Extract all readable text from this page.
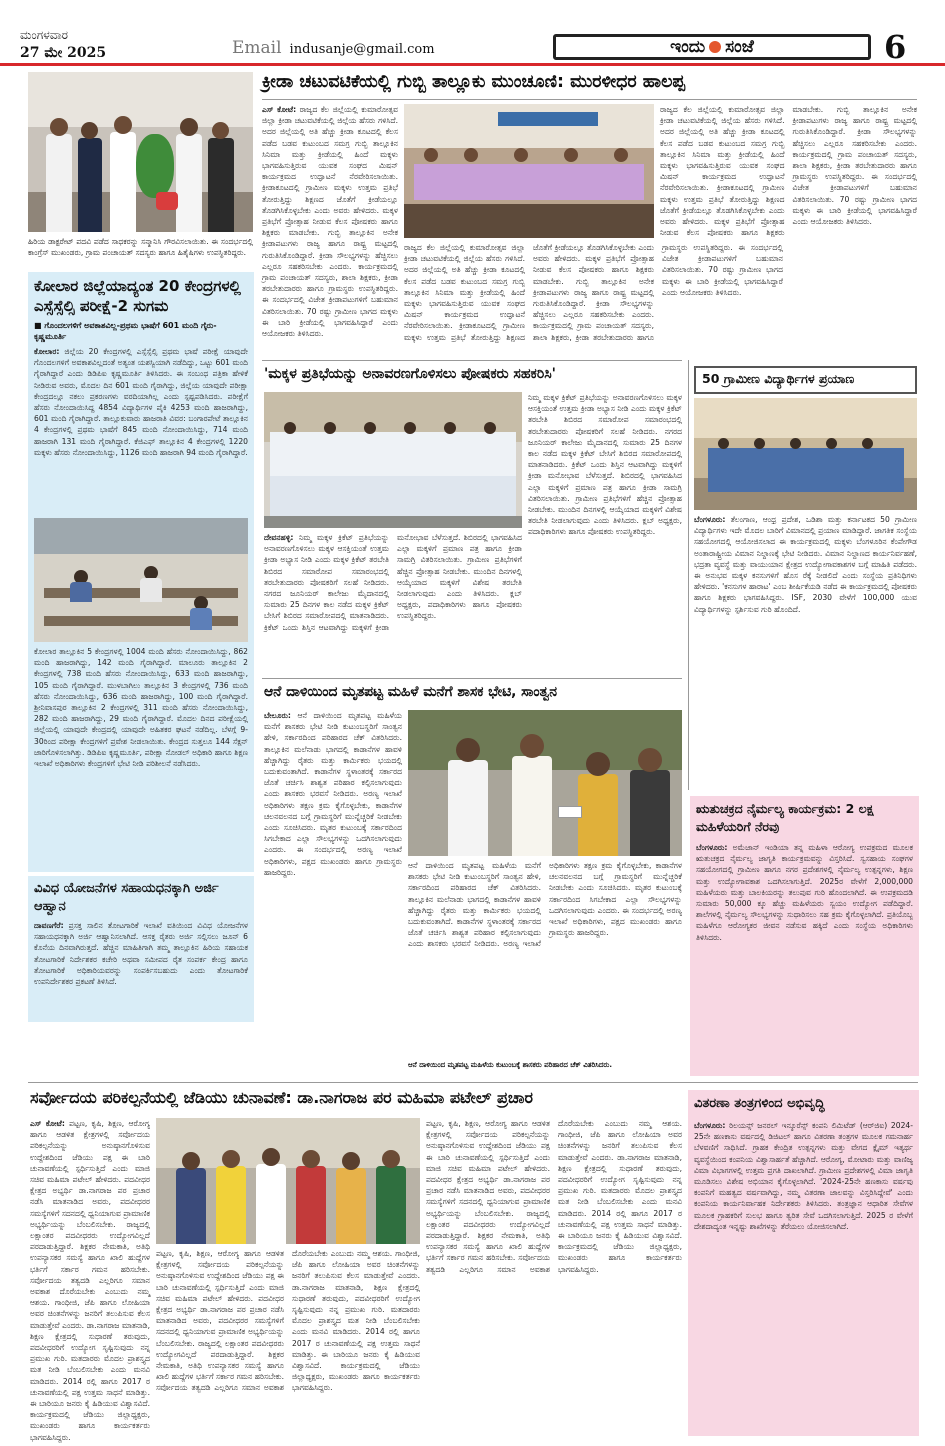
ಮಂಗಳವಾರ
27 ಮೇ 2025	Email indusanje@gmail.com	ಇಂದು ಸಂಜೆ	6
ಹಿರಿಯ ಡಾಕ್ಟರೇಟ್ ಪದವಿ ಪಡೆದ ಸಾಧಕರನ್ನು ಸನ್ಮಾನಿಸಿ ಗೌರವಿಸಲಾಯಿತು. ಈ ಸಂದರ್ಭದಲ್ಲಿ ಕಾಂಗ್ರೆಸ್ ಮುಖಂಡರು, ಗ್ರಾಮ ಪಂಚಾಯತ್ ಸದಸ್ಯರು ಹಾಗೂ ಹಿತೈಷಿಗಳು ಉಪಸ್ಥಿತರಿದ್ದರು.
ಕ್ರೀಡಾ ಚಟುವಟಿಕೆಯಲ್ಲಿ ಗುಬ್ಬಿ ತಾಲ್ಲೂಕು ಮುಂಚೂಣಿ: ಮುರಳೀಧರ ಹಾಲಪ್ಪ
ಎಸ್ ಕೋಟೆ: ರಾಜ್ಯದ ಕೆಲ ಜಿಲ್ಲೆಯಲ್ಲಿ ಕುಮಾರೋತ್ಸವ ಜಿಲ್ಲಾ ಕ್ರೀಡಾ ಚಟುವಟಿಕೆಯಲ್ಲಿ ಜಿಲ್ಲೆಯ ಹೆಸರು ಗಳಿಸಿದೆ. ಅದರ ಜಿಲ್ಲೆಯಲ್ಲಿ ಅತಿ ಹೆಚ್ಚು ಕ್ರೀಡಾ ಕೂಟದಲ್ಲಿ ಕೆಲಸ ಪಡೆದ ಬಡವ ಕುಟುಂಬದ ಸಮಗ್ರ ಗುಬ್ಬಿ ತಾಲ್ಲೂಕಿನ ಸಿನಿಮಾ ಮತ್ತು ಕ್ರೀಡೆಯಲ್ಲಿ ಹಿಂದೆ ಮಕ್ಕಳು ಭಾಗವಹಿಸುತ್ತಿರುವ ಯುವಕ ಸಂಘದ ಮಿಷನ್ ಕಾರ್ಯಕ್ರಮದ ಉದ್ಘಾಟನೆ ನೆರವೇರಿಸಲಾಯಿತು. ಕ್ರೀಡಾಕೂಟದಲ್ಲಿ ಗ್ರಾಮೀಣ ಮಕ್ಕಳು ಉತ್ತಮ ಪ್ರತಿಭೆ ತೋರುತ್ತಿದ್ದು ಶಿಕ್ಷಣದ ಜೊತೆಗೆ ಕ್ರೀಡೆಯಲ್ಲೂ ತೊಡಗಿಸಿಕೊಳ್ಳಬೇಕು ಎಂದು ಅವರು ಹೇಳಿದರು. ಮಕ್ಕಳ ಪ್ರತಿಭೆಗೆ ಪ್ರೋತ್ಸಾಹ ನೀಡುವ ಕೆಲಸ ಪೋಷಕರು ಹಾಗೂ ಶಿಕ್ಷಕರು ಮಾಡಬೇಕು. ಗುಬ್ಬಿ ತಾಲ್ಲೂಕಿನ ಅನೇಕ ಕ್ರೀಡಾಪಟುಗಳು ರಾಜ್ಯ ಹಾಗೂ ರಾಷ್ಟ್ರ ಮಟ್ಟದಲ್ಲಿ ಗುರುತಿಸಿಕೊಂಡಿದ್ದಾರೆ. ಕ್ರೀಡಾ ಸೌಲಭ್ಯಗಳನ್ನು ಹೆಚ್ಚಿಸಲು ಎಲ್ಲರೂ ಸಹಕರಿಸಬೇಕು ಎಂದರು. ಕಾರ್ಯಕ್ರಮದಲ್ಲಿ ಗ್ರಾಮ ಪಂಚಾಯತ್ ಸದಸ್ಯರು, ಶಾಲಾ ಶಿಕ್ಷಕರು, ಕ್ರೀಡಾ ತರಬೇತುದಾರರು ಹಾಗೂ ಗ್ರಾಮಸ್ಥರು ಉಪಸ್ಥಿತರಿದ್ದರು. ಈ ಸಂದರ್ಭದಲ್ಲಿ ವಿಜೇತ ಕ್ರೀಡಾಪಟುಗಳಿಗೆ ಬಹುಮಾನ ವಿತರಿಸಲಾಯಿತು. 70 ರಷ್ಟು ಗ್ರಾಮೀಣ ಭಾಗದ ಮಕ್ಕಳು ಈ ಬಾರಿ ಕ್ರೀಡೆಯಲ್ಲಿ ಭಾಗವಹಿಸಿದ್ದಾರೆ ಎಂದು ಆಯೋಜಕರು ತಿಳಿಸಿದರು.
ರಾಜ್ಯದ ಕೆಲ ಜಿಲ್ಲೆಯಲ್ಲಿ ಕುಮಾರೋತ್ಸವ ಜಿಲ್ಲಾ ಕ್ರೀಡಾ ಚಟುವಟಿಕೆಯಲ್ಲಿ ಜಿಲ್ಲೆಯ ಹೆಸರು ಗಳಿಸಿದೆ. ಅದರ ಜಿಲ್ಲೆಯಲ್ಲಿ ಅತಿ ಹೆಚ್ಚು ಕ್ರೀಡಾ ಕೂಟದಲ್ಲಿ ಕೆಲಸ ಪಡೆದ ಬಡವ ಕುಟುಂಬದ ಸಮಗ್ರ ಗುಬ್ಬಿ ತಾಲ್ಲೂಕಿನ ಸಿನಿಮಾ ಮತ್ತು ಕ್ರೀಡೆಯಲ್ಲಿ ಹಿಂದೆ ಮಕ್ಕಳು ಭಾಗವಹಿಸುತ್ತಿರುವ ಯುವಕ ಸಂಘದ ಮಿಷನ್ ಕಾರ್ಯಕ್ರಮದ ಉದ್ಘಾಟನೆ ನೆರವೇರಿಸಲಾಯಿತು. ಕ್ರೀಡಾಕೂಟದಲ್ಲಿ ಗ್ರಾಮೀಣ ಮಕ್ಕಳು ಉತ್ತಮ ಪ್ರತಿಭೆ ತೋರುತ್ತಿದ್ದು ಶಿಕ್ಷಣದ ಜೊತೆಗೆ ಕ್ರೀಡೆಯಲ್ಲೂ ತೊಡಗಿಸಿಕೊಳ್ಳಬೇಕು ಎಂದು ಅವರು ಹೇಳಿದರು. ಮಕ್ಕಳ ಪ್ರತಿಭೆಗೆ ಪ್ರೋತ್ಸಾಹ ನೀಡುವ ಕೆಲಸ ಪೋಷಕರು ಹಾಗೂ ಶಿಕ್ಷಕರು ಮಾಡಬೇಕು. ಗುಬ್ಬಿ ತಾಲ್ಲೂಕಿನ ಅನೇಕ ಕ್ರೀಡಾಪಟುಗಳು ರಾಜ್ಯ ಹಾಗೂ ರಾಷ್ಟ್ರ ಮಟ್ಟದಲ್ಲಿ ಗುರುತಿಸಿಕೊಂಡಿದ್ದಾರೆ. ಕ್ರೀಡಾ ಸೌಲಭ್ಯಗಳನ್ನು ಹೆಚ್ಚಿಸಲು ಎಲ್ಲರೂ ಸಹಕರಿಸಬೇಕು ಎಂದರು. ಕಾರ್ಯಕ್ರಮದಲ್ಲಿ ಗ್ರಾಮ ಪಂಚಾಯತ್ ಸದಸ್ಯರು, ಶಾಲಾ ಶಿಕ್ಷಕರು, ಕ್ರೀಡಾ ತರಬೇತುದಾರರು ಹಾಗೂ ಗ್ರಾಮಸ್ಥರು ಉಪಸ್ಥಿತರಿದ್ದರು. ಈ ಸಂದರ್ಭದಲ್ಲಿ ವಿಜೇತ ಕ್ರೀಡಾಪಟುಗಳಿಗೆ ಬಹುಮಾನ ವಿತರಿಸಲಾಯಿತು. 70 ರಷ್ಟು ಗ್ರಾಮೀಣ ಭಾಗದ ಮಕ್ಕಳು ಈ ಬಾರಿ ಕ್ರೀಡೆಯಲ್ಲಿ ಭಾಗವಹಿಸಿದ್ದಾರೆ ಎಂದು ಆಯೋಜಕರು ತಿಳಿಸಿದರು.
ರಾಜ್ಯದ ಕೆಲ ಜಿಲ್ಲೆಯಲ್ಲಿ ಕುಮಾರೋತ್ಸವ ಜಿಲ್ಲಾ ಕ್ರೀಡಾ ಚಟುವಟಿಕೆಯಲ್ಲಿ ಜಿಲ್ಲೆಯ ಹೆಸರು ಗಳಿಸಿದೆ. ಅದರ ಜಿಲ್ಲೆಯಲ್ಲಿ ಅತಿ ಹೆಚ್ಚು ಕ್ರೀಡಾ ಕೂಟದಲ್ಲಿ ಕೆಲಸ ಪಡೆದ ಬಡವ ಕುಟುಂಬದ ಸಮಗ್ರ ಗುಬ್ಬಿ ತಾಲ್ಲೂಕಿನ ಸಿನಿಮಾ ಮತ್ತು ಕ್ರೀಡೆಯಲ್ಲಿ ಹಿಂದೆ ಮಕ್ಕಳು ಭಾಗವಹಿಸುತ್ತಿರುವ ಯುವಕ ಸಂಘದ ಮಿಷನ್ ಕಾರ್ಯಕ್ರಮದ ಉದ್ಘಾಟನೆ ನೆರವೇರಿಸಲಾಯಿತು. ಕ್ರೀಡಾಕೂಟದಲ್ಲಿ ಗ್ರಾಮೀಣ ಮಕ್ಕಳು ಉತ್ತಮ ಪ್ರತಿಭೆ ತೋರುತ್ತಿದ್ದು ಶಿಕ್ಷಣದ ಜೊತೆಗೆ ಕ್ರೀಡೆಯಲ್ಲೂ ತೊಡಗಿಸಿಕೊಳ್ಳಬೇಕು ಎಂದು ಅವರು ಹೇಳಿದರು. ಮಕ್ಕಳ ಪ್ರತಿಭೆಗೆ ಪ್ರೋತ್ಸಾಹ ನೀಡುವ ಕೆಲಸ ಪೋಷಕರು ಹಾಗೂ ಶಿಕ್ಷಕರು ಮಾಡಬೇಕು. ಗುಬ್ಬಿ ತಾಲ್ಲೂಕಿನ ಅನೇಕ ಕ್ರೀಡಾಪಟುಗಳು ರಾಜ್ಯ ಹಾಗೂ ರಾಷ್ಟ್ರ ಮಟ್ಟದಲ್ಲಿ ಗುರುತಿಸಿಕೊಂಡಿದ್ದಾರೆ. ಕ್ರೀಡಾ ಸೌಲಭ್ಯಗಳನ್ನು ಹೆಚ್ಚಿಸಲು ಎಲ್ಲರೂ ಸಹಕರಿಸಬೇಕು ಎಂದರು. ಕಾರ್ಯಕ್ರಮದಲ್ಲಿ ಗ್ರಾಮ ಪಂಚಾಯತ್ ಸದಸ್ಯರು, ಶಾಲಾ ಶಿಕ್ಷಕರು, ಕ್ರೀಡಾ ತರಬೇತುದಾರರು ಹಾಗೂ ಗ್ರಾಮಸ್ಥರು ಉಪಸ್ಥಿತರಿದ್ದರು. ಈ ಸಂದರ್ಭದಲ್ಲಿ ವಿಜೇತ ಕ್ರೀಡಾಪಟುಗಳಿಗೆ ಬಹುಮಾನ ವಿತರಿಸಲಾಯಿತು. 70 ರಷ್ಟು ಗ್ರಾಮೀಣ ಭಾಗದ ಮಕ್ಕಳು ಈ ಬಾರಿ ಕ್ರೀಡೆಯಲ್ಲಿ ಭಾಗವಹಿಸಿದ್ದಾರೆ ಎಂದು ಆಯೋಜಕರು ತಿಳಿಸಿದರು.
ಕೋಲಾರ ಜಿಲ್ಲೆಯಾದ್ಯಂತ 20 ಕೇಂದ್ರಗಳಲ್ಲಿ ಎಸ್ಸೆಸ್ಸೆಲ್ಸಿ ಪರೀಕ್ಷೆ-2 ಸುಗಮ
■ ಗೊಂದಲಗಳಿಗೆ ಅವಕಾಶವಿಲ್ಲ-ಪ್ರಥಮ ಭಾಷೆಗೆ 601 ಮಂದಿ ಗೈರು-ಕೃಷ್ಣಮೂರ್ತಿ
ಕೋಲಾರ: ಜಿಲ್ಲೆಯ 20 ಕೇಂದ್ರಗಳಲ್ಲಿ ಎಸ್ಸೆಸ್ಸೆಲ್ಸಿ ಪ್ರಥಮ ಭಾಷೆ ಪರೀಕ್ಷೆ ಯಾವುದೇ ಗೊಂದಲಗಳಿಗೆ ಅವಕಾಶವಿಲ್ಲದಂತೆ ಅತ್ಯಂತ ಯಶಸ್ವಿಯಾಗಿ ನಡೆದಿದ್ದು, ಒಟ್ಟು 601 ಮಂದಿ ಗೈರಾಗಿದ್ದಾರೆ ಎಂದು ಡಿಡಿಪಿಐ ಕೃಷ್ಣಮೂರ್ತಿ ತಿಳಿಸಿದರು. ಈ ಸಂಬಂಧ ಪತ್ರಿಕಾ ಹೇಳಿಕೆ ನೀಡಿರುವ ಅವರು, ಮೊದಲ ದಿನ 601 ಮಂದಿ ಗೈರಾಗಿದ್ದು, ಜಿಲ್ಲೆಯ ಯಾವುದೇ ಪರೀಕ್ಷಾ ಕೇಂದ್ರದಲ್ಲೂ ನಕಲು ಪ್ರಕರಣಗಳು ವರದಿಯಾಗಿಲ್ಲ ಎಂದು ಸ್ಪಷ್ಟಪಡಿಸಿದರು. ಪರೀಕ್ಷೆಗೆ ಹೆಸರು ನೋಂದಾಯಿಸಿದ್ದ 4854 ವಿದ್ಯಾರ್ಥಿಗಳ ಪೈಕಿ 4253 ಮಂದಿ ಹಾಜರಾಗಿದ್ದು, 601 ಮಂದಿ ಗೈರಾಗಿದ್ದಾರೆ. ತಾಲ್ಲೂಕುವಾರು ಹಾಜರಾತಿ ವಿವರ: ಬಂಗಾರಪೇಟೆ ತಾಲ್ಲೂಕಿನ 4 ಕೇಂದ್ರಗಳಲ್ಲಿ ಪ್ರಥಮ ಭಾಷೆಗೆ 845 ಮಂದಿ ನೋಂದಾಯಿಸಿದ್ದು, 714 ಮಂದಿ ಹಾಜರಾಗಿ 131 ಮಂದಿ ಗೈರಾಗಿದ್ದಾರೆ. ಕೆಜಿಎಫ್ ತಾಲ್ಲೂಕಿನ 4 ಕೇಂದ್ರಗಳಲ್ಲಿ 1220 ಮಕ್ಕಳು ಹೆಸರು ನೋಂದಾಯಿಸಿದ್ದು, 1126 ಮಂದಿ ಹಾಜರಾಗಿ 94 ಮಂದಿ ಗೈರಾಗಿದ್ದಾರೆ.
ಕೋಲಾರ ತಾಲ್ಲೂಕಿನ 5 ಕೇಂದ್ರಗಳಲ್ಲಿ 1004 ಮಂದಿ ಹೆಸರು ನೋಂದಾಯಿಸಿದ್ದು, 862 ಮಂದಿ ಹಾಜರಾಗಿದ್ದು, 142 ಮಂದಿ ಗೈರಾಗಿದ್ದಾರೆ. ಮಾಲೂರು ತಾಲ್ಲೂಕಿನ 2 ಕೇಂದ್ರಗಳಲ್ಲಿ 738 ಮಂದಿ ಹೆಸರು ನೋಂದಾಯಿಸಿದ್ದು, 633 ಮಂದಿ ಹಾಜರಾಗಿದ್ದು, 105 ಮಂದಿ ಗೈರಾಗಿದ್ದಾರೆ. ಮುಳಬಾಗಿಲು ತಾಲ್ಲೂಕಿನ 3 ಕೇಂದ್ರಗಳಲ್ಲಿ 736 ಮಂದಿ ಹೆಸರು ನೋಂದಾಯಿಸಿದ್ದು, 636 ಮಂದಿ ಹಾಜರಾಗಿದ್ದು, 100 ಮಂದಿ ಗೈರಾಗಿದ್ದಾರೆ. ಶ್ರೀನಿವಾಸಪುರ ತಾಲ್ಲೂಕಿನ 2 ಕೇಂದ್ರಗಳಲ್ಲಿ 311 ಮಂದಿ ಹೆಸರು ನೋಂದಾಯಿಸಿದ್ದು, 282 ಮಂದಿ ಹಾಜರಾಗಿದ್ದು, 29 ಮಂದಿ ಗೈರಾಗಿದ್ದಾರೆ. ಮೊದಲ ದಿನದ ಪರೀಕ್ಷೆಯಲ್ಲಿ ಜಿಲ್ಲೆಯಲ್ಲಿ ಯಾವುದೇ ಕೇಂದ್ರದಲ್ಲಿ ಯಾವುದೇ ಅಹಿತಕರ ಘಟನೆ ನಡೆದಿಲ್ಲ. ಬೆಳಗ್ಗೆ 9-30ರಿಂದ ಪರೀಕ್ಷಾ ಕೇಂದ್ರಗಳಿಗೆ ಪ್ರವೇಶ ನೀಡಲಾಯಿತು. ಕೇಂದ್ರದ ಸುತ್ತಲೂ 144 ಸೆಕ್ಷನ್ ಜಾರಿಗೊಳಿಸಲಾಗಿತ್ತು. ಡಿಡಿಪಿಐ ಕೃಷ್ಣಮೂರ್ತಿ, ಪರೀಕ್ಷಾ ನೋಡಲ್ ಅಧಿಕಾರಿ ಹಾಗೂ ಶಿಕ್ಷಣ ಇಲಾಖೆ ಅಧಿಕಾರಿಗಳು ಕೇಂದ್ರಗಳಿಗೆ ಭೇಟಿ ನೀಡಿ ಪರಿಶೀಲನೆ ನಡೆಸಿದರು.
ವಿವಿಧ ಯೋಜನೆಗಳ ಸಹಾಯಧನಕ್ಕಾಗಿ ಅರ್ಜಿ ಆಹ್ವಾನ
ದಾವಣಗೆರೆ: ಪ್ರಸಕ್ತ ಸಾಲಿನ ತೋಟಗಾರಿಕೆ ಇಲಾಖೆ ವತಿಯಿಂದ ವಿವಿಧ ಯೋಜನೆಗಳ ಸಹಾಯಧನಕ್ಕಾಗಿ ಅರ್ಜಿ ಆಹ್ವಾನಿಸಲಾಗಿದೆ. ಆಸಕ್ತ ರೈತರು ಅರ್ಜಿ ಸಲ್ಲಿಸಲು ಜೂನ್ 6 ಕೊನೆಯ ದಿನವಾಗಿರುತ್ತದೆ. ಹೆಚ್ಚಿನ ಮಾಹಿತಿಗಾಗಿ ತಮ್ಮ ತಾಲ್ಲೂಕಿನ ಹಿರಿಯ ಸಹಾಯಕ ತೋಟಗಾರಿಕೆ ನಿರ್ದೇಶಕರ ಕಚೇರಿ ಅಥವಾ ಸಮೀಪದ ರೈತ ಸಂಪರ್ಕ ಕೇಂದ್ರ ಹಾಗೂ ತೋಟಗಾರಿಕೆ ಅಧಿಕಾರಿಯವರನ್ನು ಸಂಪರ್ಕಿಸಬಹುದು ಎಂದು ತೋಟಗಾರಿಕೆ ಉಪನಿರ್ದೇಶಕರ ಪ್ರಕಟಣೆ ತಿಳಿಸಿದೆ.
'ಮಕ್ಕಳ ಪ್ರತಿಭೆಯನ್ನು ಅನಾವರಣಗೊಳಿಸಲು ಪೋಷಕರು ಸಹಕರಿಸಿ'
ದೇವನಹಳ್ಳಿ: ನಿಮ್ಮ ಮಕ್ಕಳ ಕ್ರಿಕೆಟ್ ಪ್ರತಿಭೆಯನ್ನು ಅನಾವರಣಗೊಳಿಸಲು ಮಕ್ಕಳ ಆಸಕ್ತಿಯಂತೆ ಉತ್ತಮ ಕ್ರೀಡಾ ಅಭ್ಯಾಸ ನೀಡಿ ಎಂದು ಮಕ್ಕಳ ಕ್ರಿಕೆಟ್ ತರಬೇತಿ ಶಿಬಿರದ ಸಮಾರೋಪ ಸಮಾರಂಭದಲ್ಲಿ ತರಬೇತುದಾರರು ಪೋಷಕರಿಗೆ ಸಲಹೆ ನೀಡಿದರು. ನಗರದ ಜೂನಿಯರ್ ಕಾಲೇಜು ಮೈದಾನದಲ್ಲಿ ಸುಮಾರು 25 ದಿನಗಳ ಕಾಲ ನಡೆದ ಮಕ್ಕಳ ಕ್ರಿಕೆಟ್ ಬೇಸಿಗೆ ಶಿಬಿರದ ಸಮಾರೋಪದಲ್ಲಿ ಮಾತನಾಡಿದರು. ಕ್ರಿಕೆಟ್ ಒಂದು ಶಿಸ್ತಿನ ಆಟವಾಗಿದ್ದು ಮಕ್ಕಳಿಗೆ ಕ್ರೀಡಾ ಮನೋಭಾವ ಬೆಳೆಸುತ್ತದೆ. ಶಿಬಿರದಲ್ಲಿ ಭಾಗವಹಿಸಿದ ಎಲ್ಲಾ ಮಕ್ಕಳಿಗೆ ಪ್ರಮಾಣ ಪತ್ರ ಹಾಗೂ ಕ್ರೀಡಾ ಸಾಮಗ್ರಿ ವಿತರಿಸಲಾಯಿತು. ಗ್ರಾಮೀಣ ಪ್ರತಿಭೆಗಳಿಗೆ ಹೆಚ್ಚಿನ ಪ್ರೋತ್ಸಾಹ ನೀಡಬೇಕು. ಮುಂದಿನ ದಿನಗಳಲ್ಲಿ ಆಯ್ಕೆಯಾದ ಮಕ್ಕಳಿಗೆ ವಿಶೇಷ ತರಬೇತಿ ನೀಡಲಾಗುವುದು ಎಂದು ತಿಳಿಸಿದರು. ಕ್ಲಬ್ ಅಧ್ಯಕ್ಷರು, ಪದಾಧಿಕಾರಿಗಳು ಹಾಗೂ ಪೋಷಕರು ಉಪಸ್ಥಿತರಿದ್ದರು.
ನಿಮ್ಮ ಮಕ್ಕಳ ಕ್ರಿಕೆಟ್ ಪ್ರತಿಭೆಯನ್ನು ಅನಾವರಣಗೊಳಿಸಲು ಮಕ್ಕಳ ಆಸಕ್ತಿಯಂತೆ ಉತ್ತಮ ಕ್ರೀಡಾ ಅಭ್ಯಾಸ ನೀಡಿ ಎಂದು ಮಕ್ಕಳ ಕ್ರಿಕೆಟ್ ತರಬೇತಿ ಶಿಬಿರದ ಸಮಾರೋಪ ಸಮಾರಂಭದಲ್ಲಿ ತರಬೇತುದಾರರು ಪೋಷಕರಿಗೆ ಸಲಹೆ ನೀಡಿದರು. ನಗರದ ಜೂನಿಯರ್ ಕಾಲೇಜು ಮೈದಾನದಲ್ಲಿ ಸುಮಾರು 25 ದಿನಗಳ ಕಾಲ ನಡೆದ ಮಕ್ಕಳ ಕ್ರಿಕೆಟ್ ಬೇಸಿಗೆ ಶಿಬಿರದ ಸಮಾರೋಪದಲ್ಲಿ ಮಾತನಾಡಿದರು. ಕ್ರಿಕೆಟ್ ಒಂದು ಶಿಸ್ತಿನ ಆಟವಾಗಿದ್ದು ಮಕ್ಕಳಿಗೆ ಕ್ರೀಡಾ ಮನೋಭಾವ ಬೆಳೆಸುತ್ತದೆ. ಶಿಬಿರದಲ್ಲಿ ಭಾಗವಹಿಸಿದ ಎಲ್ಲಾ ಮಕ್ಕಳಿಗೆ ಪ್ರಮಾಣ ಪತ್ರ ಹಾಗೂ ಕ್ರೀಡಾ ಸಾಮಗ್ರಿ ವಿತರಿಸಲಾಯಿತು. ಗ್ರಾಮೀಣ ಪ್ರತಿಭೆಗಳಿಗೆ ಹೆಚ್ಚಿನ ಪ್ರೋತ್ಸಾಹ ನೀಡಬೇಕು. ಮುಂದಿನ ದಿನಗಳಲ್ಲಿ ಆಯ್ಕೆಯಾದ ಮಕ್ಕಳಿಗೆ ವಿಶೇಷ ತರಬೇತಿ ನೀಡಲಾಗುವುದು ಎಂದು ತಿಳಿಸಿದರು. ಕ್ಲಬ್ ಅಧ್ಯಕ್ಷರು, ಪದಾಧಿಕಾರಿಗಳು ಹಾಗೂ ಪೋಷಕರು ಉಪಸ್ಥಿತರಿದ್ದರು.
50 ಗ್ರಾಮೀಣ ವಿದ್ಯಾರ್ಥಿಗಳ ಪ್ರಯಾಣ
ಬೆಂಗಳೂರು: ತೆಲಂಗಾಣ, ಆಂಧ್ರ ಪ್ರದೇಶ, ಒಡಿಶಾ ಮತ್ತು ಕರ್ನಾಟಕದ 50 ಗ್ರಾಮೀಣ ವಿದ್ಯಾರ್ಥಿಗಳು ಇದೇ ಮೊದಲ ಬಾರಿಗೆ ವಿಮಾನದಲ್ಲಿ ಪ್ರಯಾಣ ಮಾಡಿದ್ದಾರೆ. ಜಾಗತಿಕ ಸಂಸ್ಥೆಯ ಸಹಯೋಗದಲ್ಲಿ ಆಯೋಜಿಸಲಾದ ಈ ಕಾರ್ಯಕ್ರಮದಲ್ಲಿ ಮಕ್ಕಳು ಬೆಂಗಳೂರಿನ ಕೆಂಪೇಗೌಡ ಅಂತಾರಾಷ್ಟ್ರೀಯ ವಿಮಾನ ನಿಲ್ದಾಣಕ್ಕೆ ಭೇಟಿ ನೀಡಿದರು. ವಿಮಾನ ನಿಲ್ದಾಣದ ಕಾರ್ಯನಿರ್ವಹಣೆ, ಭದ್ರತಾ ವ್ಯವಸ್ಥೆ ಮತ್ತು ವಾಯುಯಾನ ಕ್ಷೇತ್ರದ ಉದ್ಯೋಗಾವಕಾಶಗಳ ಬಗ್ಗೆ ಮಾಹಿತಿ ಪಡೆದರು. ಈ ಅನುಭವ ಮಕ್ಕಳ ಕನಸುಗಳಿಗೆ ಹೊಸ ರೆಕ್ಕೆ ನೀಡಲಿದೆ ಎಂದು ಸಂಸ್ಥೆಯ ಪ್ರತಿನಿಧಿಗಳು ಹೇಳಿದರು. 'ಕನಸುಗಳ ಹಾರಾಟ' ಎಂಬ ಶೀರ್ಷಿಕೆಯಡಿ ನಡೆದ ಈ ಕಾರ್ಯಕ್ರಮದಲ್ಲಿ ಪೋಷಕರು ಹಾಗೂ ಶಿಕ್ಷಕರು ಭಾಗವಹಿಸಿದ್ದರು. ISF, 2030 ವೇಳೆಗೆ 100,000 ಯುವ ವಿದ್ಯಾರ್ಥಿಗಳನ್ನು ಸ್ಪರ್ಶಿಸುವ ಗುರಿ ಹೊಂದಿದೆ.
ಋತುಚಕ್ರದ ನೈರ್ಮಲ್ಯ ಕಾರ್ಯಕ್ರಮ: 2 ಲಕ್ಷ ಮಹಿಳೆಯರಿಗೆ ನೆರವು
ಬೆಂಗಳೂರು: ಅಮೆಜಾನ್ ಇಂಡಿಯಾ ತನ್ನ ಮಹಿಳಾ ಆರೋಗ್ಯ ಉಪಕ್ರಮದ ಮೂಲಕ ಋತುಚಕ್ರದ ನೈರ್ಮಲ್ಯ ಜಾಗೃತಿ ಕಾರ್ಯಕ್ರಮವನ್ನು ವಿಸ್ತರಿಸಿದೆ. ಸ್ವಸಹಾಯ ಸಂಘಗಳ ಸಹಯೋಗದಲ್ಲಿ ಗ್ರಾಮೀಣ ಹಾಗೂ ನಗರ ಪ್ರದೇಶಗಳಲ್ಲಿ ನೈರ್ಮಲ್ಯ ಉತ್ಪನ್ನಗಳು, ಶಿಕ್ಷಣ ಮತ್ತು ಉದ್ಯೋಗಾವಕಾಶ ಒದಗಿಸಲಾಗುತ್ತಿದೆ. 2025ರ ವೇಳೆಗೆ 2,000,000 ಮಹಿಳೆಯರು ಮತ್ತು ಬಾಲಕಿಯರನ್ನು ತಲುಪುವ ಗುರಿ ಹೊಂದಲಾಗಿದೆ. ಈ ಉಪಕ್ರಮದಡಿ ಸುಮಾರು 50,000 ಕ್ಕೂ ಹೆಚ್ಚು ಮಹಿಳೆಯರು ಸ್ವಯಂ ಉದ್ಯೋಗ ಪಡೆದಿದ್ದಾರೆ. ಶಾಲೆಗಳಲ್ಲಿ ನೈರ್ಮಲ್ಯ ಸೌಲಭ್ಯಗಳನ್ನು ಸುಧಾರಿಸಲು ಸಹ ಕ್ರಮ ಕೈಗೊಳ್ಳಲಾಗಿದೆ. ಪ್ರತಿಯೊಬ್ಬ ಮಹಿಳೆಗೂ ಆರೋಗ್ಯಕರ ಜೀವನ ನಡೆಸುವ ಹಕ್ಕಿದೆ ಎಂದು ಸಂಸ್ಥೆಯ ಅಧಿಕಾರಿಗಳು ತಿಳಿಸಿದರು.
ಆನೆ ದಾಳಿಯಿಂದ ಮೃತಪಟ್ಟ ಮಹಿಳೆ ಮನೆಗೆ ಶಾಸಕ ಭೇಟಿ, ಸಾಂತ್ವನ
ಬೇಲೂರು: ಆನೆ ದಾಳಿಯಿಂದ ಮೃತಪಟ್ಟ ಮಹಿಳೆಯ ಮನೆಗೆ ಶಾಸಕರು ಭೇಟಿ ನೀಡಿ ಕುಟುಂಬಸ್ಥರಿಗೆ ಸಾಂತ್ವನ ಹೇಳಿ, ಸರ್ಕಾರದಿಂದ ಪರಿಹಾರದ ಚೆಕ್ ವಿತರಿಸಿದರು. ತಾಲ್ಲೂಕಿನ ಮಲೆನಾಡು ಭಾಗದಲ್ಲಿ ಕಾಡಾನೆಗಳ ಹಾವಳಿ ಹೆಚ್ಚಾಗಿದ್ದು ರೈತರು ಮತ್ತು ಕಾರ್ಮಿಕರು ಭಯದಲ್ಲಿ ಬದುಕುವಂತಾಗಿದೆ. ಕಾಡಾನೆಗಳ ಸ್ಥಳಾಂತರಕ್ಕೆ ಸರ್ಕಾರದ ಜೊತೆ ಚರ್ಚಿಸಿ ಶಾಶ್ವತ ಪರಿಹಾರ ಕಲ್ಪಿಸಲಾಗುವುದು ಎಂದು ಶಾಸಕರು ಭರವಸೆ ನೀಡಿದರು. ಅರಣ್ಯ ಇಲಾಖೆ ಅಧಿಕಾರಿಗಳು ತಕ್ಷಣ ಕ್ರಮ ಕೈಗೊಳ್ಳಬೇಕು, ಕಾಡಾನೆಗಳ ಚಲನವಲನದ ಬಗ್ಗೆ ಗ್ರಾಮಸ್ಥರಿಗೆ ಮುನ್ನೆಚ್ಚರಿಕೆ ನೀಡಬೇಕು ಎಂದು ಸೂಚಿಸಿದರು. ಮೃತರ ಕುಟುಂಬಕ್ಕೆ ಸರ್ಕಾರದಿಂದ ಸಿಗಬೇಕಾದ ಎಲ್ಲಾ ಸೌಲಭ್ಯಗಳನ್ನು ಒದಗಿಸಲಾಗುವುದು ಎಂದರು. ಈ ಸಂದರ್ಭದಲ್ಲಿ ಅರಣ್ಯ ಇಲಾಖೆ ಅಧಿಕಾರಿಗಳು, ಪಕ್ಷದ ಮುಖಂಡರು ಹಾಗೂ ಗ್ರಾಮಸ್ಥರು ಹಾಜರಿದ್ದರು.
ಆನೆ ದಾಳಿಯಿಂದ ಮೃತಪಟ್ಟ ಮಹಿಳೆಯ ಮನೆಗೆ ಶಾಸಕರು ಭೇಟಿ ನೀಡಿ ಕುಟುಂಬಸ್ಥರಿಗೆ ಸಾಂತ್ವನ ಹೇಳಿ, ಸರ್ಕಾರದಿಂದ ಪರಿಹಾರದ ಚೆಕ್ ವಿತರಿಸಿದರು. ತಾಲ್ಲೂಕಿನ ಮಲೆನಾಡು ಭಾಗದಲ್ಲಿ ಕಾಡಾನೆಗಳ ಹಾವಳಿ ಹೆಚ್ಚಾಗಿದ್ದು ರೈತರು ಮತ್ತು ಕಾರ್ಮಿಕರು ಭಯದಲ್ಲಿ ಬದುಕುವಂತಾಗಿದೆ. ಕಾಡಾನೆಗಳ ಸ್ಥಳಾಂತರಕ್ಕೆ ಸರ್ಕಾರದ ಜೊತೆ ಚರ್ಚಿಸಿ ಶಾಶ್ವತ ಪರಿಹಾರ ಕಲ್ಪಿಸಲಾಗುವುದು ಎಂದು ಶಾಸಕರು ಭರವಸೆ ನೀಡಿದರು. ಅರಣ್ಯ ಇಲಾಖೆ ಅಧಿಕಾರಿಗಳು ತಕ್ಷಣ ಕ್ರಮ ಕೈಗೊಳ್ಳಬೇಕು, ಕಾಡಾನೆಗಳ ಚಲನವಲನದ ಬಗ್ಗೆ ಗ್ರಾಮಸ್ಥರಿಗೆ ಮುನ್ನೆಚ್ಚರಿಕೆ ನೀಡಬೇಕು ಎಂದು ಸೂಚಿಸಿದರು. ಮೃತರ ಕುಟುಂಬಕ್ಕೆ ಸರ್ಕಾರದಿಂದ ಸಿಗಬೇಕಾದ ಎಲ್ಲಾ ಸೌಲಭ್ಯಗಳನ್ನು ಒದಗಿಸಲಾಗುವುದು ಎಂದರು. ಈ ಸಂದರ್ಭದಲ್ಲಿ ಅರಣ್ಯ ಇಲಾಖೆ ಅಧಿಕಾರಿಗಳು, ಪಕ್ಷದ ಮುಖಂಡರು ಹಾಗೂ ಗ್ರಾಮಸ್ಥರು ಹಾಜರಿದ್ದರು.
ಆನೆ ದಾಳಿಯಿಂದ ಮೃತಪಟ್ಟ ಮಹಿಳೆಯ ಕುಟುಂಬಕ್ಕೆ ಶಾಸಕರು ಪರಿಹಾರದ ಚೆಕ್ ವಿತರಿಸಿದರು.
ಸರ್ವೋದಯ ಪರಿಕಲ್ಪನೆಯಲ್ಲಿ ಜೆಡಿಯು ಚುನಾವಣೆ: ಡಾ.ನಾಗರಾಜ ಪರ ಮಹಿಮಾ ಪಟೇಲ್ ಪ್ರಚಾರ
ಎಸ್ ಕೋಟೆ: ಪಟ್ಟಣ, ಕೃಷಿ, ಶಿಕ್ಷಣ, ಆರೋಗ್ಯ ಹಾಗೂ ಆಡಳಿತ ಕ್ಷೇತ್ರಗಳಲ್ಲಿ ಸರ್ವೋದಯ ಪರಿಕಲ್ಪನೆಯನ್ನು ಅನುಷ್ಠಾನಗೊಳಿಸುವ ಉದ್ದೇಶದಿಂದ ಜೆಡಿಯು ಪಕ್ಷ ಈ ಬಾರಿ ಚುನಾವಣೆಯಲ್ಲಿ ಸ್ಪರ್ಧಿಸುತ್ತಿದೆ ಎಂದು ಮಾಜಿ ಸಚಿವ ಮಹಿಮಾ ಪಟೇಲ್ ಹೇಳಿದರು. ಪದವೀಧರ ಕ್ಷೇತ್ರದ ಅಭ್ಯರ್ಥಿ ಡಾ.ನಾಗರಾಜ ಪರ ಪ್ರಚಾರ ನಡೆಸಿ ಮಾತನಾಡಿದ ಅವರು, ಪದವೀಧರರ ಸಮಸ್ಯೆಗಳಿಗೆ ಸದನದಲ್ಲಿ ಧ್ವನಿಯಾಗುವ ಪ್ರಾಮಾಣಿಕ ಅಭ್ಯರ್ಥಿಯನ್ನು ಬೆಂಬಲಿಸಬೇಕು. ರಾಜ್ಯದಲ್ಲಿ ಲಕ್ಷಾಂತರ ಪದವೀಧರರು ಉದ್ಯೋಗವಿಲ್ಲದೆ ಪರದಾಡುತ್ತಿದ್ದಾರೆ. ಶಿಕ್ಷಕರ ನೇಮಕಾತಿ, ಅತಿಥಿ ಉಪನ್ಯಾಸಕರ ಸಮಸ್ಯೆ ಹಾಗೂ ಖಾಲಿ ಹುದ್ದೆಗಳ ಭರ್ತಿಗೆ ಸರ್ಕಾರ ಗಮನ ಹರಿಸಬೇಕು. ಸರ್ವೋದಯ ತತ್ವದಡಿ ಎಲ್ಲರಿಗೂ ಸಮಾನ ಅವಕಾಶ ದೊರೆಯಬೇಕು ಎಂಬುದು ನಮ್ಮ ಆಶಯ. ಗಾಂಧೀಜಿ, ಜೆಪಿ ಹಾಗೂ ಲೋಹಿಯಾ ಅವರ ಚಿಂತನೆಗಳನ್ನು ಜನರಿಗೆ ತಲುಪಿಸುವ ಕೆಲಸ ಮಾಡುತ್ತೇವೆ ಎಂದರು. ಡಾ.ನಾಗರಾಜ ಮಾತನಾಡಿ, ಶಿಕ್ಷಣ ಕ್ಷೇತ್ರದಲ್ಲಿ ಸುಧಾರಣೆ ತರುವುದು, ಪದವೀಧರರಿಗೆ ಉದ್ಯೋಗ ಸೃಷ್ಟಿಸುವುದು ನನ್ನ ಪ್ರಮುಖ ಗುರಿ. ಮತದಾರರು ಮೊದಲ ಪ್ರಾಶಸ್ತ್ಯದ ಮತ ನೀಡಿ ಬೆಂಬಲಿಸಬೇಕು ಎಂದು ಮನವಿ ಮಾಡಿದರು. 2014 ರಲ್ಲಿ ಹಾಗೂ 2017 ರ ಚುನಾವಣೆಯಲ್ಲಿ ಪಕ್ಷ ಉತ್ತಮ ಸಾಧನೆ ಮಾಡಿತ್ತು. ಈ ಬಾರಿಯೂ ಜನರು ಕೈ ಹಿಡಿಯುವ ವಿಶ್ವಾಸವಿದೆ. ಕಾರ್ಯಕ್ರಮದಲ್ಲಿ ಜೆಡಿಯು ಜಿಲ್ಲಾಧ್ಯಕ್ಷರು, ಮುಖಂಡರು ಹಾಗೂ ಕಾರ್ಯಕರ್ತರು ಭಾಗವಹಿಸಿದ್ದರು.
ಪಟ್ಟಣ, ಕೃಷಿ, ಶಿಕ್ಷಣ, ಆರೋಗ್ಯ ಹಾಗೂ ಆಡಳಿತ ಕ್ಷೇತ್ರಗಳಲ್ಲಿ ಸರ್ವೋದಯ ಪರಿಕಲ್ಪನೆಯನ್ನು ಅನುಷ್ಠಾನಗೊಳಿಸುವ ಉದ್ದೇಶದಿಂದ ಜೆಡಿಯು ಪಕ್ಷ ಈ ಬಾರಿ ಚುನಾವಣೆಯಲ್ಲಿ ಸ್ಪರ್ಧಿಸುತ್ತಿದೆ ಎಂದು ಮಾಜಿ ಸಚಿವ ಮಹಿಮಾ ಪಟೇಲ್ ಹೇಳಿದರು. ಪದವೀಧರ ಕ್ಷೇತ್ರದ ಅಭ್ಯರ್ಥಿ ಡಾ.ನಾಗರಾಜ ಪರ ಪ್ರಚಾರ ನಡೆಸಿ ಮಾತನಾಡಿದ ಅವರು, ಪದವೀಧರರ ಸಮಸ್ಯೆಗಳಿಗೆ ಸದನದಲ್ಲಿ ಧ್ವನಿಯಾಗುವ ಪ್ರಾಮಾಣಿಕ ಅಭ್ಯರ್ಥಿಯನ್ನು ಬೆಂಬಲಿಸಬೇಕು. ರಾಜ್ಯದಲ್ಲಿ ಲಕ್ಷಾಂತರ ಪದವೀಧರರು ಉದ್ಯೋಗವಿಲ್ಲದೆ ಪರದಾಡುತ್ತಿದ್ದಾರೆ. ಶಿಕ್ಷಕರ ನೇಮಕಾತಿ, ಅತಿಥಿ ಉಪನ್ಯಾಸಕರ ಸಮಸ್ಯೆ ಹಾಗೂ ಖಾಲಿ ಹುದ್ದೆಗಳ ಭರ್ತಿಗೆ ಸರ್ಕಾರ ಗಮನ ಹರಿಸಬೇಕು. ಸರ್ವೋದಯ ತತ್ವದಡಿ ಎಲ್ಲರಿಗೂ ಸಮಾನ ಅವಕಾಶ ದೊರೆಯಬೇಕು ಎಂಬುದು ನಮ್ಮ ಆಶಯ. ಗಾಂಧೀಜಿ, ಜೆಪಿ ಹಾಗೂ ಲೋಹಿಯಾ ಅವರ ಚಿಂತನೆಗಳನ್ನು ಜನರಿಗೆ ತಲುಪಿಸುವ ಕೆಲಸ ಮಾಡುತ್ತೇವೆ ಎಂದರು. ಡಾ.ನಾಗರಾಜ ಮಾತನಾಡಿ, ಶಿಕ್ಷಣ ಕ್ಷೇತ್ರದಲ್ಲಿ ಸುಧಾರಣೆ ತರುವುದು, ಪದವೀಧರರಿಗೆ ಉದ್ಯೋಗ ಸೃಷ್ಟಿಸುವುದು ನನ್ನ ಪ್ರಮುಖ ಗುರಿ. ಮತದಾರರು ಮೊದಲ ಪ್ರಾಶಸ್ತ್ಯದ ಮತ ನೀಡಿ ಬೆಂಬಲಿಸಬೇಕು ಎಂದು ಮನವಿ ಮಾಡಿದರು. 2014 ರಲ್ಲಿ ಹಾಗೂ 2017 ರ ಚುನಾವಣೆಯಲ್ಲಿ ಪಕ್ಷ ಉತ್ತಮ ಸಾಧನೆ ಮಾಡಿತ್ತು. ಈ ಬಾರಿಯೂ ಜನರು ಕೈ ಹಿಡಿಯುವ ವಿಶ್ವಾಸವಿದೆ. ಕಾರ್ಯಕ್ರಮದಲ್ಲಿ ಜೆಡಿಯು ಜಿಲ್ಲಾಧ್ಯಕ್ಷರು, ಮುಖಂಡರು ಹಾಗೂ ಕಾರ್ಯಕರ್ತರು ಭಾಗವಹಿಸಿದ್ದರು.
ಪಟ್ಟಣ, ಕೃಷಿ, ಶಿಕ್ಷಣ, ಆರೋಗ್ಯ ಹಾಗೂ ಆಡಳಿತ ಕ್ಷೇತ್ರಗಳಲ್ಲಿ ಸರ್ವೋದಯ ಪರಿಕಲ್ಪನೆಯನ್ನು ಅನುಷ್ಠಾನಗೊಳಿಸುವ ಉದ್ದೇಶದಿಂದ ಜೆಡಿಯು ಪಕ್ಷ ಈ ಬಾರಿ ಚುನಾವಣೆಯಲ್ಲಿ ಸ್ಪರ್ಧಿಸುತ್ತಿದೆ ಎಂದು ಮಾಜಿ ಸಚಿವ ಮಹಿಮಾ ಪಟೇಲ್ ಹೇಳಿದರು. ಪದವೀಧರ ಕ್ಷೇತ್ರದ ಅಭ್ಯರ್ಥಿ ಡಾ.ನಾಗರಾಜ ಪರ ಪ್ರಚಾರ ನಡೆಸಿ ಮಾತನಾಡಿದ ಅವರು, ಪದವೀಧರರ ಸಮಸ್ಯೆಗಳಿಗೆ ಸದನದಲ್ಲಿ ಧ್ವನಿಯಾಗುವ ಪ್ರಾಮಾಣಿಕ ಅಭ್ಯರ್ಥಿಯನ್ನು ಬೆಂಬಲಿಸಬೇಕು. ರಾಜ್ಯದಲ್ಲಿ ಲಕ್ಷಾಂತರ ಪದವೀಧರರು ಉದ್ಯೋಗವಿಲ್ಲದೆ ಪರದಾಡುತ್ತಿದ್ದಾರೆ. ಶಿಕ್ಷಕರ ನೇಮಕಾತಿ, ಅತಿಥಿ ಉಪನ್ಯಾಸಕರ ಸಮಸ್ಯೆ ಹಾಗೂ ಖಾಲಿ ಹುದ್ದೆಗಳ ಭರ್ತಿಗೆ ಸರ್ಕಾರ ಗಮನ ಹರಿಸಬೇಕು. ಸರ್ವೋದಯ ತತ್ವದಡಿ ಎಲ್ಲರಿಗೂ ಸಮಾನ ಅವಕಾಶ ದೊರೆಯಬೇಕು ಎಂಬುದು ನಮ್ಮ ಆಶಯ. ಗಾಂಧೀಜಿ, ಜೆಪಿ ಹಾಗೂ ಲೋಹಿಯಾ ಅವರ ಚಿಂತನೆಗಳನ್ನು ಜನರಿಗೆ ತಲುಪಿಸುವ ಕೆಲಸ ಮಾಡುತ್ತೇವೆ ಎಂದರು. ಡಾ.ನಾಗರಾಜ ಮಾತನಾಡಿ, ಶಿಕ್ಷಣ ಕ್ಷೇತ್ರದಲ್ಲಿ ಸುಧಾರಣೆ ತರುವುದು, ಪದವೀಧರರಿಗೆ ಉದ್ಯೋಗ ಸೃಷ್ಟಿಸುವುದು ನನ್ನ ಪ್ರಮುಖ ಗುರಿ. ಮತದಾರರು ಮೊದಲ ಪ್ರಾಶಸ್ತ್ಯದ ಮತ ನೀಡಿ ಬೆಂಬಲಿಸಬೇಕು ಎಂದು ಮನವಿ ಮಾಡಿದರು. 2014 ರಲ್ಲಿ ಹಾಗೂ 2017 ರ ಚುನಾವಣೆಯಲ್ಲಿ ಪಕ್ಷ ಉತ್ತಮ ಸಾಧನೆ ಮಾಡಿತ್ತು. ಈ ಬಾರಿಯೂ ಜನರು ಕೈ ಹಿಡಿಯುವ ವಿಶ್ವಾಸವಿದೆ. ಕಾರ್ಯಕ್ರಮದಲ್ಲಿ ಜೆಡಿಯು ಜಿಲ್ಲಾಧ್ಯಕ್ಷರು, ಮುಖಂಡರು ಹಾಗೂ ಕಾರ್ಯಕರ್ತರು ಭಾಗವಹಿಸಿದ್ದರು.
ವಿತರಣಾ ತಂತ್ರಗಳಿಂದ ಅಭಿವೃದ್ಧಿ
ಬೆಂಗಳೂರು: ರಿಲಯನ್ಸ್ ಜನರಲ್ ಇನ್ಶೂರೆನ್ಸ್ ಕಂಪನಿ ಲಿಮಿಟೆಡ್ (ಆರ್‌ಜಿಐ) 2024-25ನೇ ಹಣಕಾಸು ವರ್ಷದಲ್ಲಿ ಡಿಜಿಟಲ್ ಹಾಗೂ ವಿತರಣಾ ತಂತ್ರಗಳ ಮೂಲಕ ಗಮನಾರ್ಹ ಬೆಳವಣಿಗೆ ಸಾಧಿಸಿದೆ. ಗ್ರಾಹಕ ಕೇಂದ್ರಿತ ಉತ್ಪನ್ನಗಳು ಮತ್ತು ವೇಗದ ಕ್ಲೈಮ್ ಇತ್ಯರ್ಥ ವ್ಯವಸ್ಥೆಯಿಂದ ಕಂಪನಿಯ ವಿಶ್ವಾಸಾರ್ಹತೆ ಹೆಚ್ಚಾಗಿದೆ. ಆರೋಗ್ಯ, ಮೋಟಾರು ಮತ್ತು ವಾಣಿಜ್ಯ ವಿಮಾ ವಿಭಾಗಗಳಲ್ಲಿ ಉತ್ತಮ ಪ್ರಗತಿ ದಾಖಲಾಗಿದೆ. ಗ್ರಾಮೀಣ ಪ್ರದೇಶಗಳಲ್ಲಿ ವಿಮಾ ಜಾಗೃತಿ ಮೂಡಿಸಲು ವಿಶೇಷ ಅಭಿಯಾನ ಕೈಗೊಳ್ಳಲಾಗಿದೆ. '2024-25ನೇ ಹಣಕಾಸು ವರ್ಷವು ಕಂಪನಿಗೆ ಮಹತ್ವದ ವರ್ಷವಾಗಿದ್ದು, ನಮ್ಮ ವಿತರಣಾ ಜಾಲವನ್ನು ವಿಸ್ತರಿಸಿದ್ದೇವೆ' ಎಂದು ಕಂಪನಿಯ ಕಾರ್ಯನಿರ್ವಾಹಕ ನಿರ್ದೇಶಕರು ತಿಳಿಸಿದರು. ತಂತ್ರಜ್ಞಾನ ಆಧಾರಿತ ಸೇವೆಗಳ ಮೂಲಕ ಗ್ರಾಹಕರಿಗೆ ಸುಲಭ ಹಾಗೂ ತ್ವರಿತ ಸೇವೆ ಒದಗಿಸಲಾಗುತ್ತಿದೆ. 2025 ರ ವೇಳೆಗೆ ದೇಶದಾದ್ಯಂತ ಇನ್ನಷ್ಟು ಶಾಖೆಗಳನ್ನು ತೆರೆಯಲು ಯೋಜಿಸಲಾಗಿದೆ.
